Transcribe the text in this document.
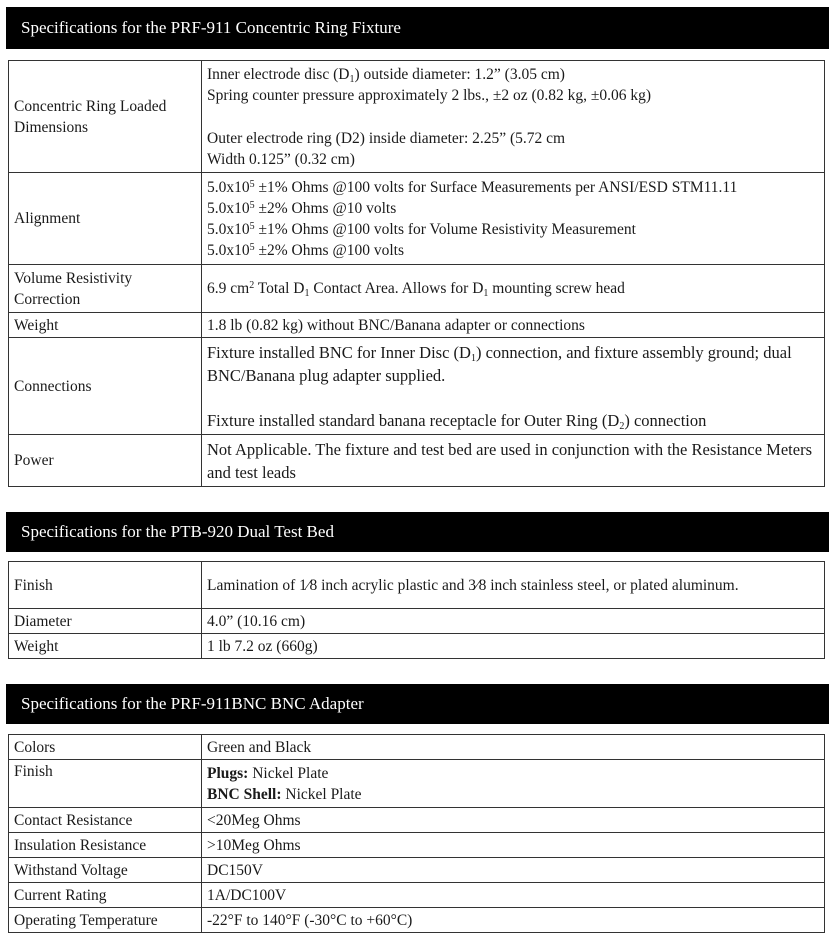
Specifications for the PRF-911 Concentric Ring Fixture
Concentric Ring Loaded Dimensions	Inner electrode disc $(D_1)$ outside diameter: 1.2” (3.05 cm)
Spring counter pressure approximately 2 lbs., ±2 oz (0.82 kg, ±0.06 kg)
Outer electrode ring (D2) inside diameter: 2.25” (5.72 cm
Width 0.125” (0.32 cm)

Alignment	$5.0x10^5 \pm 1\%$ Ohms @100 volts for Surface Measurements per ANSI/ESD STM11.11
$5.0x10^5 \pm 2\%$ Ohms @10 volts
$5.0x10^5 \pm 1\%$ Ohms @100 volts for Volume Resistivity Measurement
$5.0x10^5 \pm 2\%$ Ohms @100 volts

Volume Resistivity Correction	6.9 $cm^2$ Total $D_1$ Contact Area. Allows for $D_1$ mounting screw head
Weight	1.8 lb (0.82 kg) without BNC/Banana adapter or connections
Connections	Fixture installed BNC for Inner Disc $(D_1)$ connection, and fixture assembly ground; dual BNC/Banana plug adapter supplied.
Fixture installed standard banana receptacle for Outer Ring $(D_2)$ connection

Power	Not Applicable. The fixture and test bed are used in conjunction with the Resistance Meters and test leads
Specifications for the PTB-920 Dual Test Bed
Finish	Lamination of 1⁄8 inch acrylic plastic and 3⁄8 inch stainless steel, or plated aluminum.
Diameter	4.0” (10.16 cm)
Weight	1 lb 7.2 oz (660g)
Specifications for the PRF-911BNC BNC Adapter
Colors	Green and Black
Finish	Plugs: Nickel Plate
BNC Shell: Nickel Plate

Contact Resistance	<20Meg Ohms
Insulation Resistance	>10Meg Ohms
Withstand Voltage	DC150V
Current Rating	1A/DC100V
Operating Temperature	-22°F to 140°F (-30°C to +60°C)
